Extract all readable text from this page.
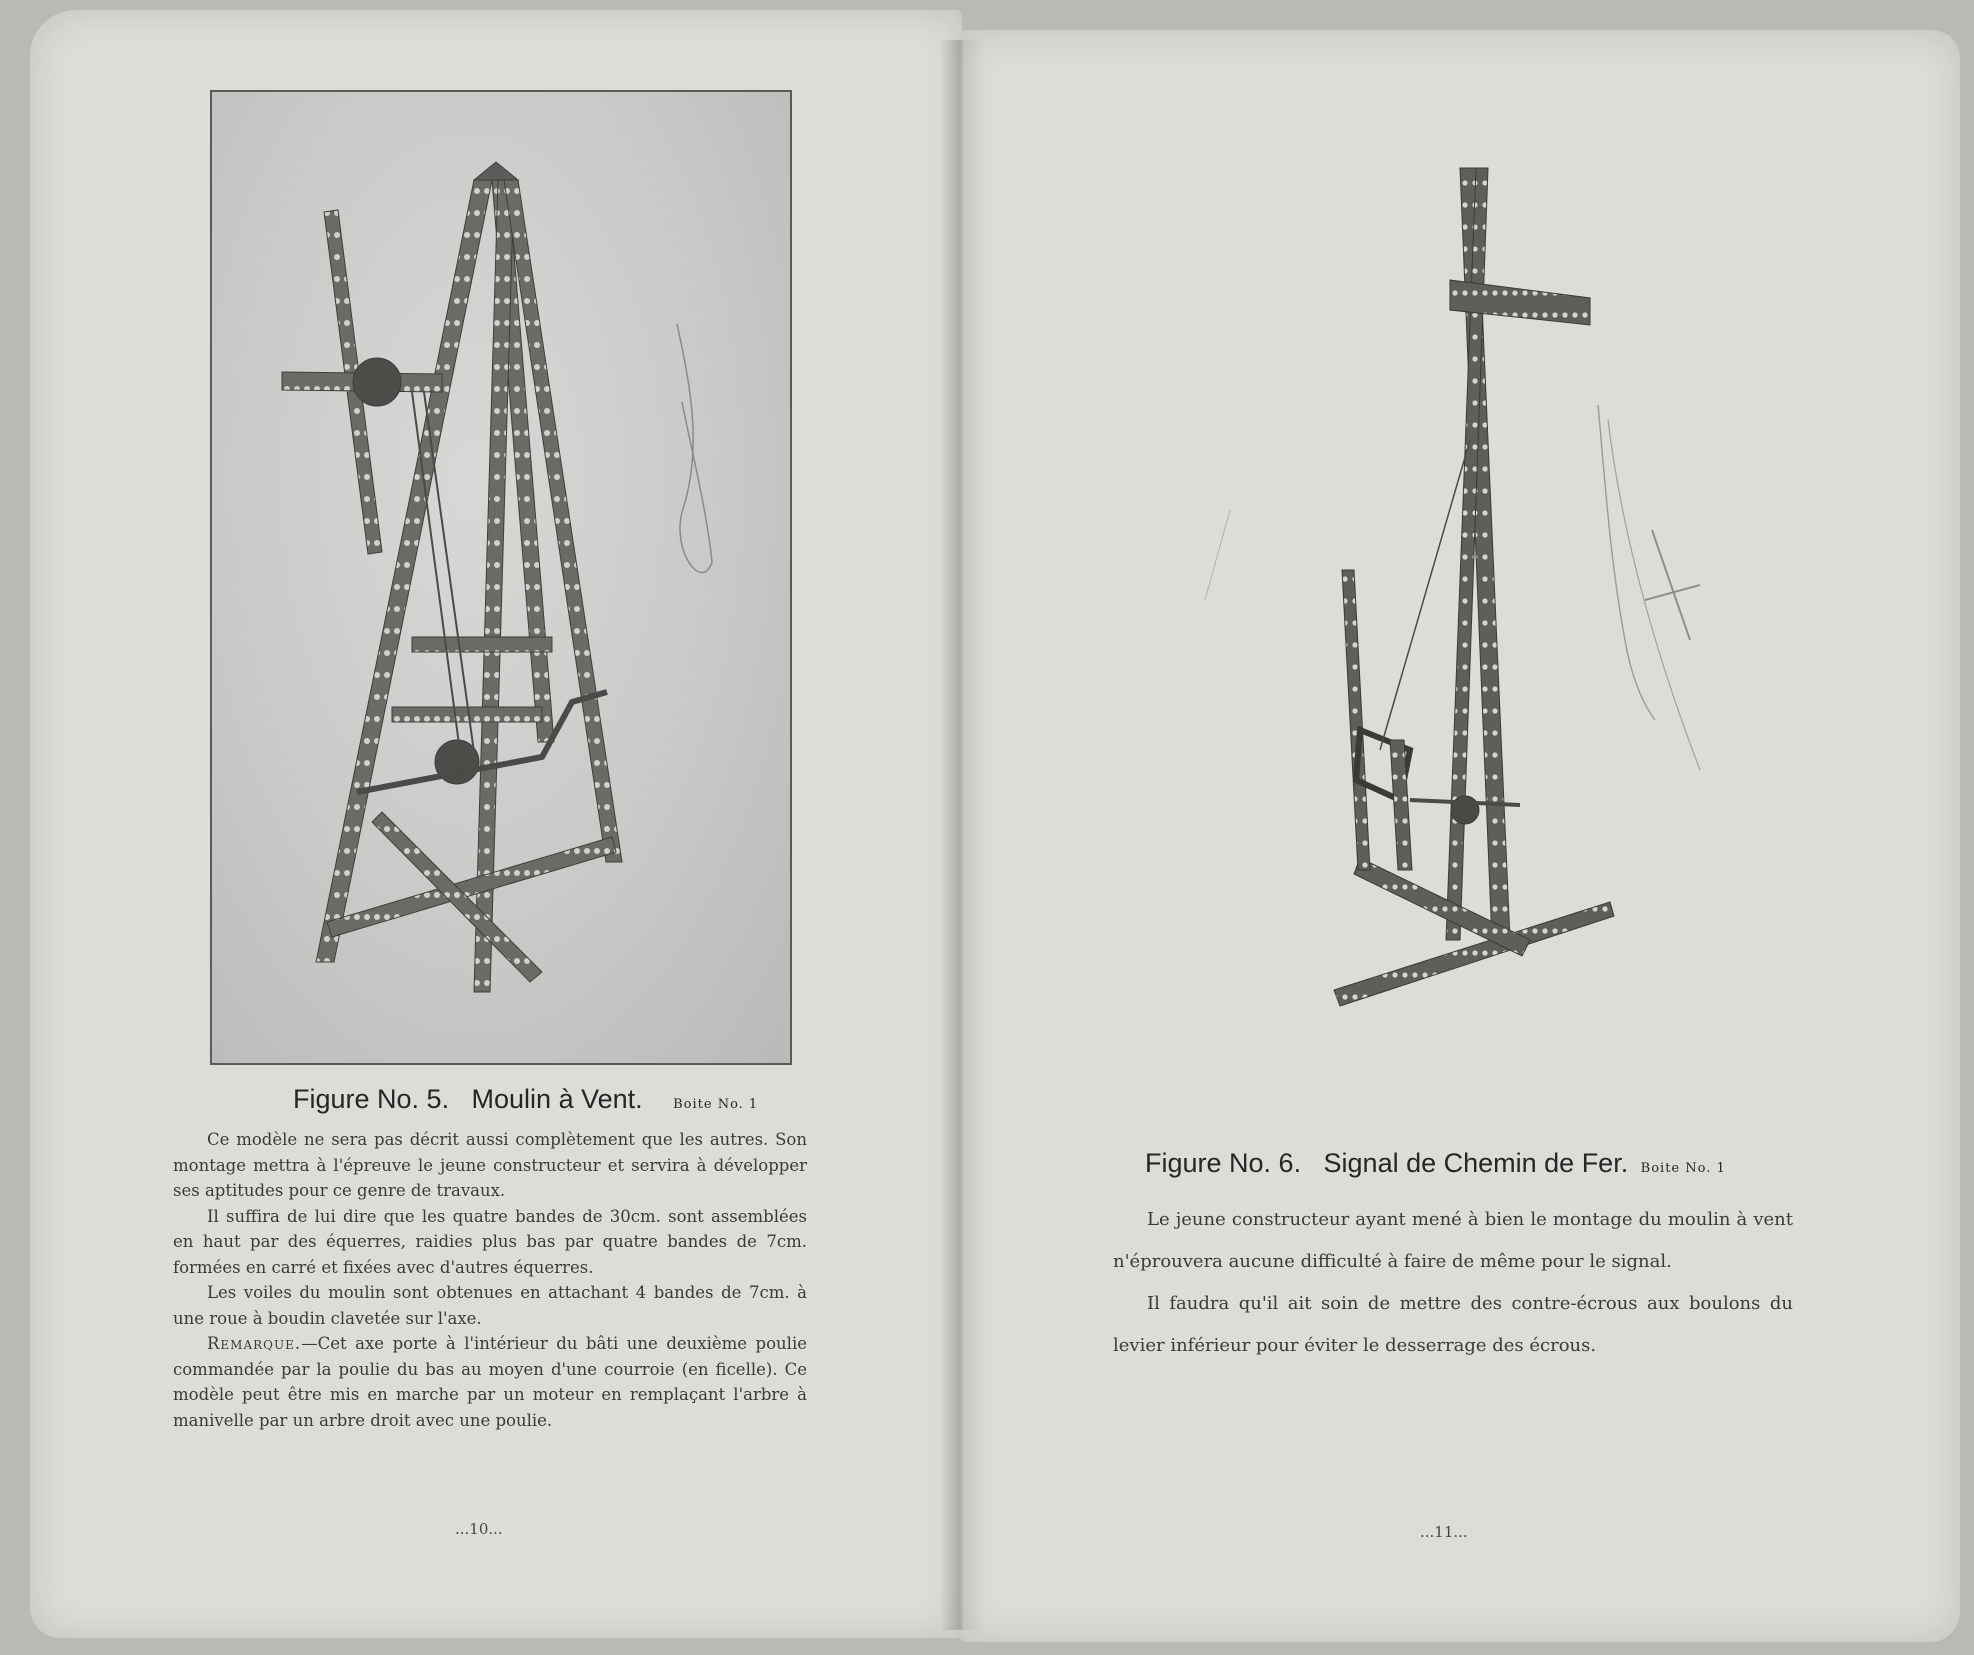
Figure No. 5. Moulin à Vent. Boite No. 1

Ce modèle ne sera pas décrit aussi complètement que les autres. Son montage mettra à l'épreuve le jeune constructeur et servira à développer ses aptitudes pour ce genre de travaux.

Il suffira de lui dire que les quatre bandes de 30cm. sont assemblées en haut par des équerres, raidies plus bas par quatre bandes de 7cm. formées en carré et fixées avec d'autres équerres.

Les voiles du moulin sont obtenues en attachant 4 bandes de 7cm. à une roue à boudin clavetée sur l'axe.

Remarque.—Cet axe porte à l'intérieur du bâti une deuxième poulie commandée par la poulie du bas au moyen d'une courroie (en ficelle). Ce modèle peut être mis en marche par un moteur en remplaçant l'arbre à manivelle par un arbre droit avec une poulie.

...10...
Figure No. 6. Signal de Chemin de Fer. Boite No. 1

Le jeune constructeur ayant mené à bien le montage du moulin à vent n'éprouvera aucune difficulté à faire de même pour le signal.

Il faudra qu'il ait soin de mettre des contre-écrous aux boulons du levier inférieur pour éviter le desserrage des écrous.

...11...
